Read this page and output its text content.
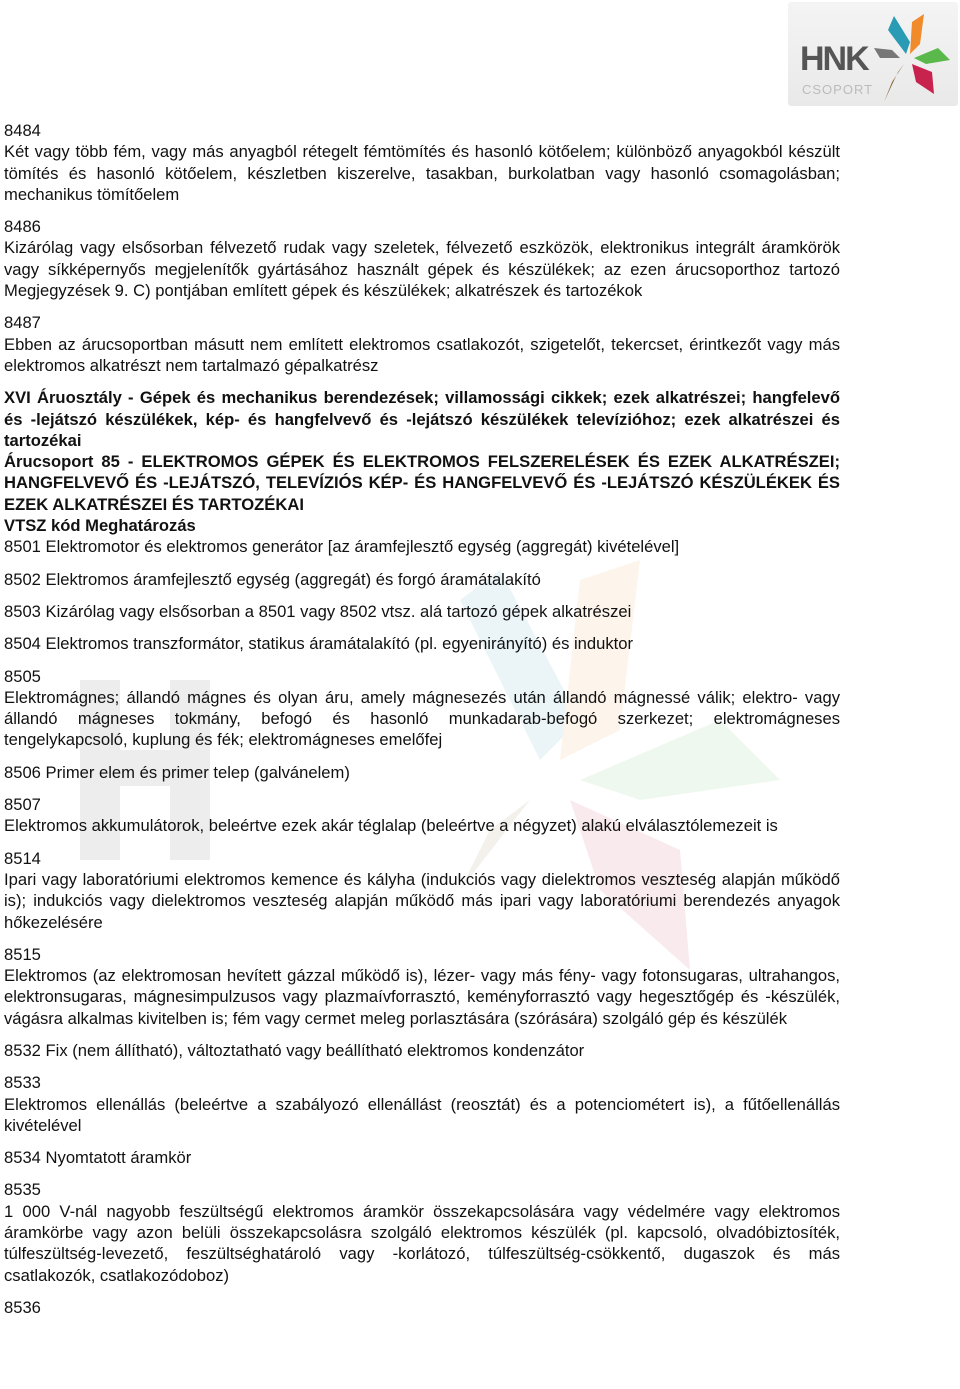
HNK
CSOPORT

8484

Két vagy több fém, vagy más anyagból rétegelt fémtömítés és hasonló kötőelem; különböző anyagokból készült tömítés és hasonló kötőelem, készletben kiszerelve, tasakban, burkolatban vagy hasonló csomagolásban; mechanikus tömítőelem

8486

Kizárólag vagy elsősorban félvezető rudak vagy szeletek, félvezető eszközök, elektronikus integrált áramkörök vagy síkképernyős megjelenítők gyártásához használt gépek és készülékek; az ezen árucsoporthoz tartozó Megjegyzések 9. C) pontjában említett gépek és készülékek; alkatrészek és tartozékok

8487

Ebben az árucsoportban másutt nem említett elektromos csatlakozót, szigetelőt, tekercset, érintkezőt vagy más elektromos alkatrészt nem tartalmazó gépalkatrész

XVI Áruosztály - Gépek és mechanikus berendezések; villamossági cikkek; ezek alkatrészei; hangfelevő és -lejátszó készülékek, kép- és hangfelvevő és -lejátszó készülékek televízióhoz; ezek alkatrészei és tartozékai

Árucsoport 85 - ELEKTROMOS GÉPEK ÉS ELEKTROMOS FELSZERELÉSEK ÉS EZEK ALKATRÉSZEI; HANGFELVEVŐ ÉS -LEJÁTSZÓ, TELEVÍZIÓS KÉP- ÉS HANGFELVEVŐ ÉS -LEJÁTSZÓ KÉSZÜLÉKEK ÉS EZEK ALKATRÉSZEI ÉS TARTOZÉKAI

VTSZ kód Meghatározás

8501 Elektromotor és elektromos generátor [az áramfejlesztő egység (aggregát) kivételével]

8502 Elektromos áramfejlesztő egység (aggregát) és forgó áramátalakító

8503 Kizárólag vagy elsősorban a 8501 vagy 8502 vtsz. alá tartozó gépek alkatrészei

8504 Elektromos transzformátor, statikus áramátalakító (pl. egyenirányító) és induktor

8505

Elektromágnes; állandó mágnes és olyan áru, amely mágnesezés után állandó mágnessé válik; elektro- vagy állandó mágneses tokmány, befogó és hasonló munkadarab-befogó szerkezet; elektromágneses tengelykapcsoló, kuplung és fék; elektromágneses emelőfej

8506 Primer elem és primer telep (galvánelem)

8507

Elektromos akkumulátorok, beleértve ezek akár téglalap (beleértve a négyzet) alakú elválasztólemezeit is

8514

Ipari vagy laboratóriumi elektromos kemence és kályha (indukciós vagy dielektromos veszteség alapján működő is); indukciós vagy dielektromos veszteség alapján működő más ipari vagy laboratóriumi berendezés anyagok hőkezelésére

8515

Elektromos (az elektromosan hevített gázzal működő is), lézer- vagy más fény- vagy fotonsugaras, ultrahangos, elektronsugaras, mágnesimpulzusos vagy plazmaívforrasztó, keményforrasztó vagy hegesztőgép és -készülék, vágásra alkalmas kivitelben is; fém vagy cermet meleg porlasztására (szórására) szolgáló gép és készülék

8532 Fix (nem állítható), változtatható vagy beállítható elektromos kondenzátor

8533

Elektromos ellenállás (beleértve a szabályozó ellenállást (reosztát) és a potenciométert is), a fűtőellenállás kivételével

8534 Nyomtatott áramkör

8535

1 000 V-nál nagyobb feszültségű elektromos áramkör összekapcsolására vagy védelmére vagy elektromos áramkörbe vagy azon belüli összekapcsolásra szolgáló elektromos készülék (pl. kapcsoló, olvadóbiztosíték, túlfeszültség-levezető, feszültséghatároló vagy -korlátozó, túlfeszültség-csökkentő, dugaszok és más csatlakozók, csatlakozódoboz)

8536
